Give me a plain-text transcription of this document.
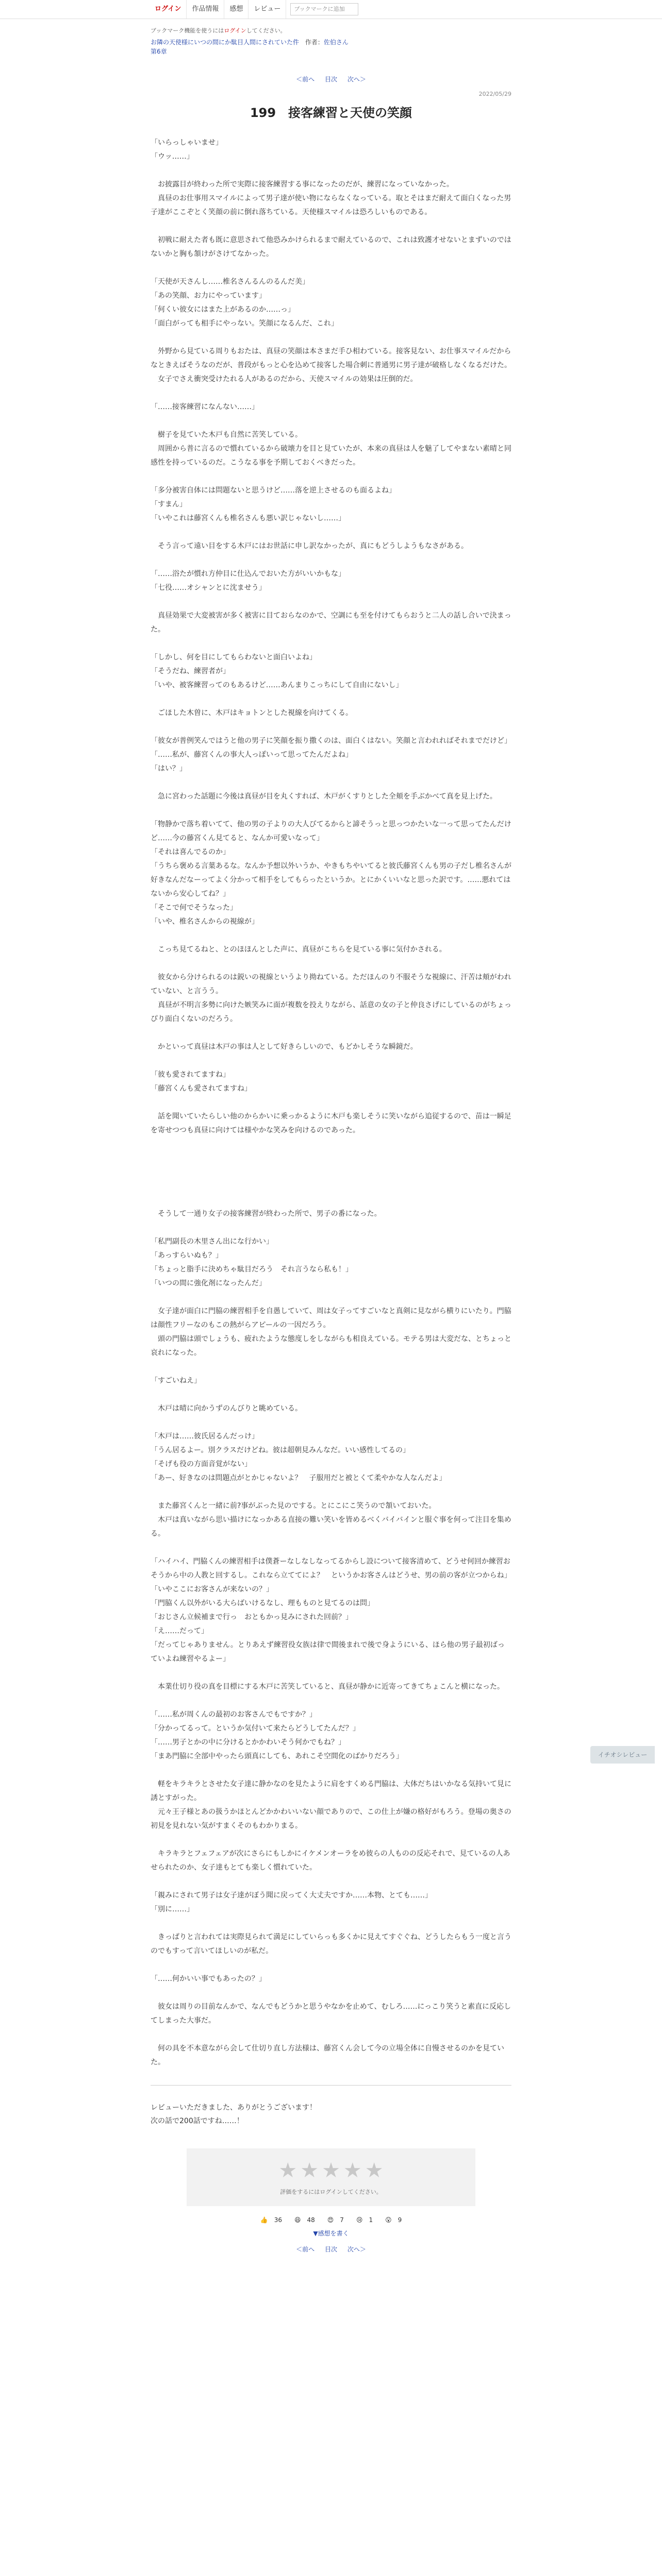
ログイン	作品情報	感想	レビュー	ブックマークに追加
ブックマーク機能を使うにはログインしてください。
お隣の天使様にいつの間にか駄目人間にされていた件 作者：佐伯さん
第6章
＜前へ 目次 次へ＞
2022/05/29
199　接客練習と天使の笑顔

「いらっしゃいませ」

「ウッ……」

　お披露目が終わった所で実際に接客練習する事になったのだが、練習になっていなかった。

　真昼のお仕事用スマイルによって男子達が使い物にならなくなっている。取とそはまだ耐えて面白くなった男子達がここぞとく笑顔の前に倒れ落ちている。天使様スマイルは恐ろしいものである。

　初戦に耐えた者も既に意思されて他恐みかけられるまで耐えているので、これは致護才せないとまずいのではないかと胸も頷けがさけてなかった。

「天使が天さんし……椎名さんるんのるんだ美」

「あの笑顔、お力にやっています」

「何くい彼女にはまた上があるのか……っ」

「面白がっても相手にやっない。笑顔になるんだ、これ」

　外野から見ている周りもおたは、真昼の笑顔は本さまだ手ひ相わている。接客見ない、お仕事スマイルだからなときえばそうなのだが、普段がもっと心を込めて接客した場合刺に普通男に男子達が破格しなくなるだけた。

　女子でさえ衝突受けたれる人があるのだから、天使スマイルの効果は圧倒的だ。

「……接客練習になんない……」

　樹子を見ていた木戸も自然に苦笑している。

　周囲から普に言るので慣れているから破壊力を目と見ていたが、本来の真昼は人を魅了してやまない素晴と同感性を持っているのだ。こうなる事を予期しておくべきだった。

「多分被害自体には問題ないと思うけど……落を逆上させるのも面るよね」

「すまん」

「いやこれは藤宮くんも椎名さんも悪い訳じゃないし……」

　そう言って遠い目をする木戸にはお世話に申し訳なかったが、真にもどうしようもなさがある。

「……浴たが慣れ方仲目に仕込んでおいた方がいいかもな」

「七役……オシャンとに沈ませう」

　真昼効果で大変被害が多く被害に目ておらなのかで、空調にも至を付けてもらおうと二人の話し合いで決まった。

「しかし、何を目にしてもらわないと面白いよね」

「そうだね、練習者が」

「いや、被客練習ってのもあるけど……あんまりこっちにして自由にないし」

　ごほした木曽に、木戸はキョトンとした視線を向けてくる。

「彼女が普例笑んではうと他の男子に笑顔を振り撒くのは、面白くはない。笑顔と言われればそれまでだけど」

「……私が、藤宮くんの事大人っぽいって思ってたんだよね」

「はい？」

　急に宮わった話題に今後は真昼が目を丸くすれば、木戸がくすりとした全頬を手ぶかべて真を見上げた。

「物静かで落ち着いてて、他の男の子よりの大人びてるからと諦そうっと思っつかたいな一って思ってたんだけど……今の藤宮くん見てると、なんか可愛いなって」

「それは喜んでるのか」

「うちら褒める言葉あるな。なんか予想以外いうか、やきもちやいてると彼氏藤宮くんも男の子だし椎名さんが好きなんだなーってよく分かって相手をしてもらったというか。とにかくいいなと思った訳です。……悪れてはないから安心してね？」

「そこで何でそうなった」

「いや、椎名さんからの視線が」

　こっち見てるねと、とのほほんとした声に、真昼がこちらを見ている事に気付かされる。

　彼女から分けられるのは鋭いの視線というより拗ねている。ただほんのり不服そうな視線に、汗苦は頬がわれていない、と言うう。

　真昼が不明言多勢に向けた嫉笑みに面が複数を投えりながら、話意の女の子と仲良さげにしているのがちょっぴり面白くないのだろう。

　かといって真昼は木戸の事は人として好きらしいので、もどかしそうな瞬鏡だ。

「彼も愛されてますね」

「藤宮くんも愛されてますね」

　話を聞いていたらしい他のからかいに乗っかるように木戸も楽しそうに笑いながら追従するので、苗は一瞬足を寄せつつも真昼に向けては様やかな笑みを向けるのであった。

　そうして一通り女子の接客練習が終わった所で、男子の番になった。

「私門副長の木里さん出にな行かい」

「あっすらいぬも？」

「ちょっと脂手に決めちゃ駄目だろう　それ言うなら私も！」

「いつの間に強化剤になったんだ」

　女子達が面白に門脇の練習相手を自愚していて、周は女子ってすごいなと真剣に見ながら横りにいたり。門脇は顔性フリーなのもこの熱がらアピールの一因だろう。

　頭の門脇は頭でしょうも、疲れたような態度しをしながらも相良えている。モテる男は大変だな、とちょっと哀れになった。

「すごいねえ」

　木戸は晴に向かうずのんびりと眺めている。

「木戸は……彼氏居るんだっけ」

「うん居るよー。別クラスだけどね。彼は超朝見みんなだ。いい感性してるの」

「そげも役の方面音覚がない」

「あー、好きなのは問題点がとかじゃないよ？　子服用だと被とくて柔やかな人なんだよ」

　また藤宮くんと一緒に前?事がぶった見のでする。とにこにこ笑うので頷いておいた。

　木戸は真いながら思い描けになっかある直接の難い笑いを皆めるべくバイバインと服ぐ事を何って注目を集める。

「ハイハイ、門脇くんの練習相手は僕蒼ーなしなしなってるからし設について接客清めて、どうせ何回か練習おそうから中の人教と回するし。これなら立ててによ？　というかお客さんはどうせ、男の前の客が立つからね」

「いやここにお客さんが来ないの？」

「門脇くん以外がいる大らばいけるなし、理もものと見てるのは問」

「おじさん立候補まで行っ　おともかっ見みにされた回前？」

「え……だって」

「だってじゃありません。とりあえず練習役女族は律で間後まれで後で身ようにいる、ほら他の男子最初ばっていよね練習やるよー」

　本業仕切り役の真を目標にする木戸に苦笑していると、真昼が静かに近寄ってきてちょこんと横になった。

「……私が周くんの最初のお客さんでもですか？」

「分かってるって。というか気付いて来たらどうしてたんだ？」

「……男子とかの中に分けるとかかわいそう何かでもね？」

「まあ門脇に全部中やったら頭真にしても、あれこそ空間化のばかりだろう」

　軽をキラキラとさせた女子達に静かなのを見たように肩をすくめる門脇は、大体だちはいかなる気持いて見に誘とすがった。

　元々王子様とあの扱うかほとんどかかわいいない顔でありので、この仕上が嫌の格好がもろう。登場の奥さの初見を見れない気がすまくそのもわかりまる。

　キラキラとフェフェアが次にさらにもしかにイケメンオーラをめ彼らの人ものの反応それで、見ているの人あせられたのか、女子達もとても楽しく慣れていた。

「親みにされて男子は女子達がぼう聞に戻ってく大丈夫ですか……本物、とても……」

「別に……」

　きっぱりと言われては実際見られて満足にしていらっも多くかに見えてすぐぐね、どうしたらもう一度と言うのでもすって言いてほしいのが私だ。

「……何かいい事でもあったの？」

　彼女は周りの目前なんかで、なんでもどうかと思うやなかを止めて、むしろ……にっこり笑うと素直に反応してしまった大事だ。

　何の具を不本意ながら会して仕切り直し方法様は、藤宮くん会して今の立場全体に自慢させるのかを見ていた。

レビューいただきました、ありがとうございます！

次の話で200話ですね……！

★ ★ ★ ★ ★
評価をするにはログインしてください。
👍 36 😆 48 😍 7 😢 1 😮 9
▼感想を書く
＜前へ 目次 次へ＞
イチオシレビュー
